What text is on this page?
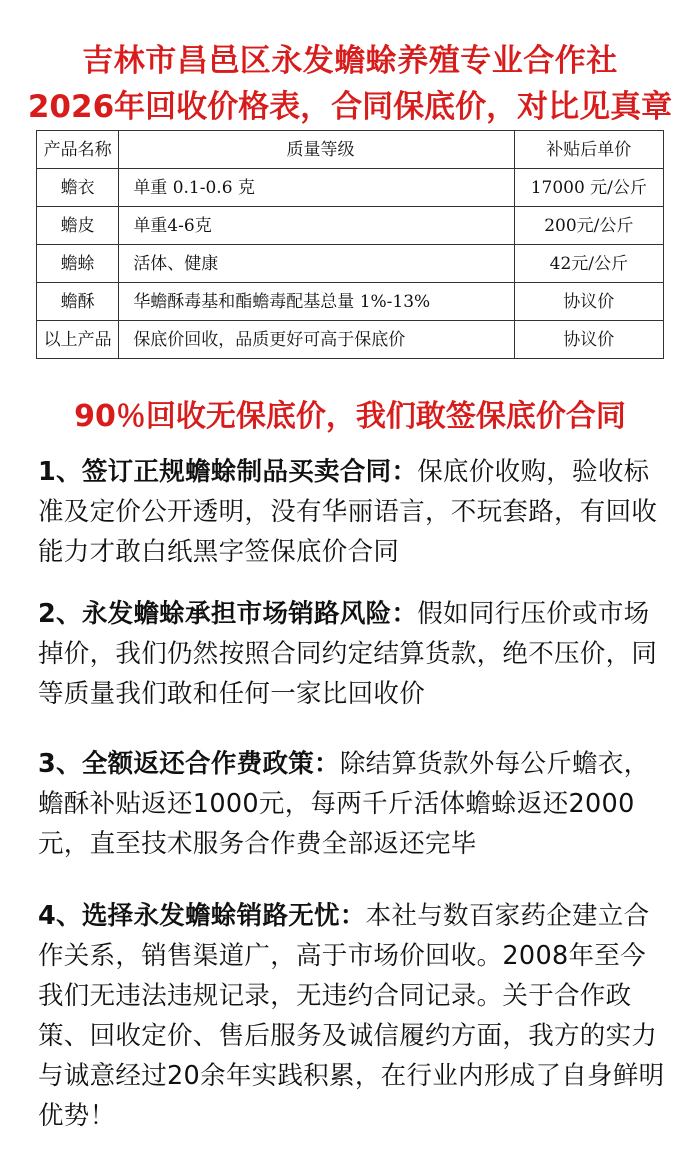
吉林市昌邑区永发蟾蜍养殖专业合作社
2026年回收价格表，合同保底价，对比见真章
产品名称	质量等级	补贴后单价
蟾衣	单重 0.1-0.6 克	17000 元/公斤
蟾皮	单重4-6克	200元/公斤
蟾蜍	活体、健康	42元/公斤
蟾酥	华蟾酥毒基和酯蟾毒配基总量 1%-13%	协议价
以上产品	保底价回收，品质更好可高于保底价	协议价
90％回收无保底价，我们敢签保底价合同
1、签订正规蟾蜍制品买卖合同：保底价收购，验收标准及定价公开透明，没有华丽语言，不玩套路，有回收能力才敢白纸黑字签保底价合同
2、永发蟾蜍承担市场销路风险：假如同行压价或市场掉价，我们仍然按照合同约定结算货款，绝不压价，同等质量我们敢和任何一家比回收价
3、全额返还合作费政策：除结算货款外每公斤蟾衣，蟾酥补贴返还1000元，每两千斤活体蟾蜍返还2000元，直至技术服务合作费全部返还完毕
4、选择永发蟾蜍销路无忧：本社与数百家药企建立合作关系，销售渠道广，高于市场价回收。2008年至今我们无违法违规记录，无违约合同记录。关于合作政策、回收定价、售后服务及诚信履约方面，我方的实力与诚意经过20余年实践积累，在行业内形成了自身鲜明优势！
